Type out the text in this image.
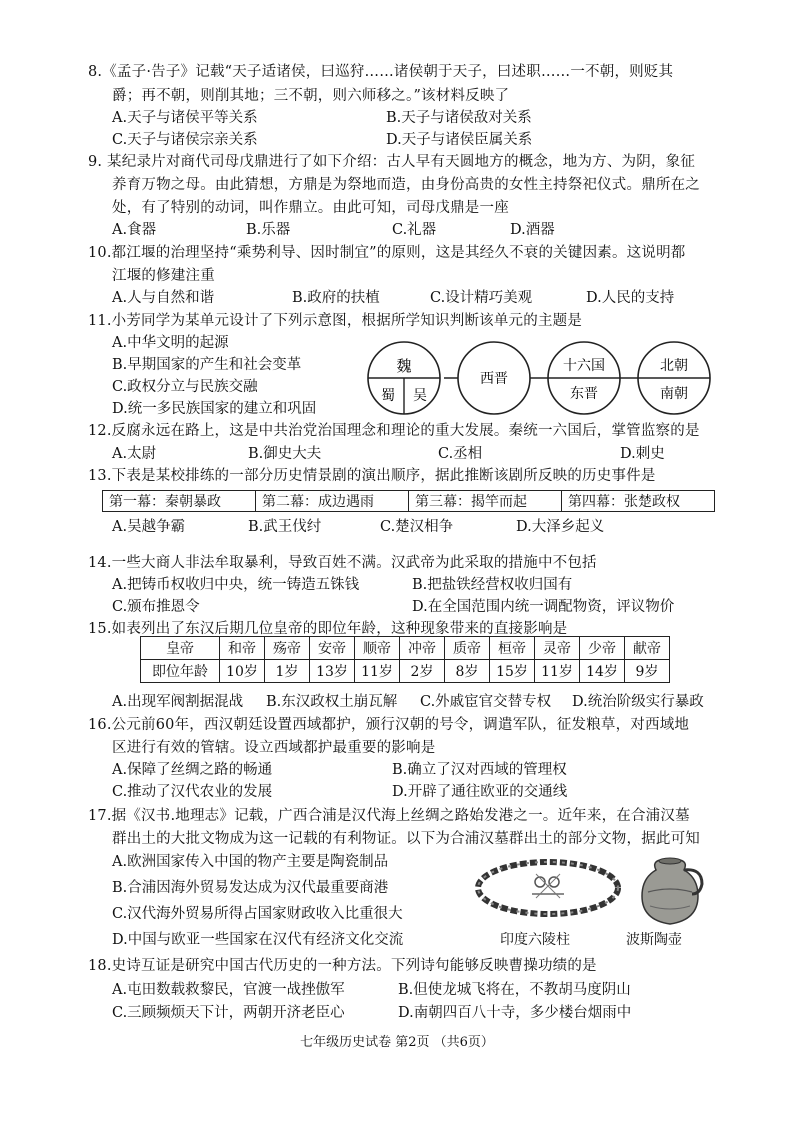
8.《孟子·告子》记载“天子适诸侯，曰巡狩……诸侯朝于天子，曰述职……一不朝，则贬其
爵；再不朝，则削其地；三不朝，则六师移之。”该材料反映了
A.天子与诸侯平等关系	B.天子与诸侯敌对关系
C.天子与诸侯宗亲关系	D.天子与诸侯臣属关系
9. 某纪录片对商代司母戊鼎进行了如下介绍：古人早有天圆地方的概念，地为方、为阴，象征
养育万物之母。由此猜想，方鼎是为祭地而造，由身份高贵的女性主持祭祀仪式。鼎所在之
处，有了特别的动词，叫作鼎立。由此可知，司母戊鼎是一座
A.食器	B.乐器	C.礼器	D.酒器
10.都江堰的治理坚持“乘势利导、因时制宜”的原则，这是其经久不衰的关键因素。这说明都
江堰的修建注重
A.人与自然和谐	B.政府的扶植	C.设计精巧美观	D.人民的支持
11.小芳同学为某单元设计了下列示意图，根据所学知识判断该单元的主题是
A.中华文明的起源
B.早期国家的产生和社会变革
C.政权分立与民族交融
D.统一多民族国家的建立和巩固
魏
蜀 吴
西晋
十六国
东晋
北朝
南朝
12.反腐永远在路上，这是中共治党治国理念和理论的重大发展。秦统一六国后，掌管监察的是
A.太尉	B.御史大夫	C.丞相	D.刺史
13.下表是某校排练的一部分历史情景剧的演出顺序，据此推断该剧所反映的历史事件是
第一幕：秦朝暴政	第二幕：成边遇雨	第三幕：揭竿而起	第四幕：张楚政权
A.吴越争霸	B.武王伐纣	C.楚汉相争	D.大泽乡起义
14.一些大商人非法牟取暴利，导致百姓不满。汉武帝为此采取的措施中不包括
A.把铸币权收归中央，统一铸造五铢钱	B.把盐铁经营权收归国有
C.颁布推恩令	D.在全国范围内统一调配物资，评议物价
15.如表列出了东汉后期几位皇帝的即位年龄，这种现象带来的直接影响是
皇帝	和帝	殇帝	安帝	顺帝	冲帝	质帝	桓帝	灵帝	少帝	献帝
即位年龄	10岁	1岁	13岁	11岁	2岁	8岁	15岁	11岁	14岁	9岁
A.出现军阀割据混战 B.东汉政权土崩瓦解 C.外戚宦官交替专权 D.统治阶级实行暴政
16.公元前60年，西汉朝廷设置西域都护，颁行汉朝的号令，调遣军队，征发粮草，对西域地
区进行有效的管辖。设立西域都护最重要的影响是
A.保障了丝绸之路的畅通	B.确立了汉对西域的管理权
C.推动了汉代农业的发展	D.开辟了通往欧亚的交通线
17.据《汉书.地理志》记载，广西合浦是汉代海上丝绸之路始发港之一。近年来，在合浦汉墓
群出土的大批文物成为这一记载的有利物证。以下为合浦汉墓群出土的部分文物，据此可知
A.欧洲国家传入中国的物产主要是陶瓷制品
B.合浦因海外贸易发达成为汉代最重要商港
C.汉代海外贸易所得占国家财政收入比重很大
D.中国与欧亚一些国家在汉代有经济文化交流	印度六陵柱	波斯陶壶
18.史诗互证是研究中国古代历史的一种方法。下列诗句能够反映曹操功绩的是
A.屯田数载救黎民，官渡一战挫傲军	B.但使龙城飞将在，不教胡马度阴山
C.三顾频烦天下计，两朝开济老臣心	D.南朝四百八十寺，多少楼台烟雨中
七年级历史试卷 第2页 （共6页）
